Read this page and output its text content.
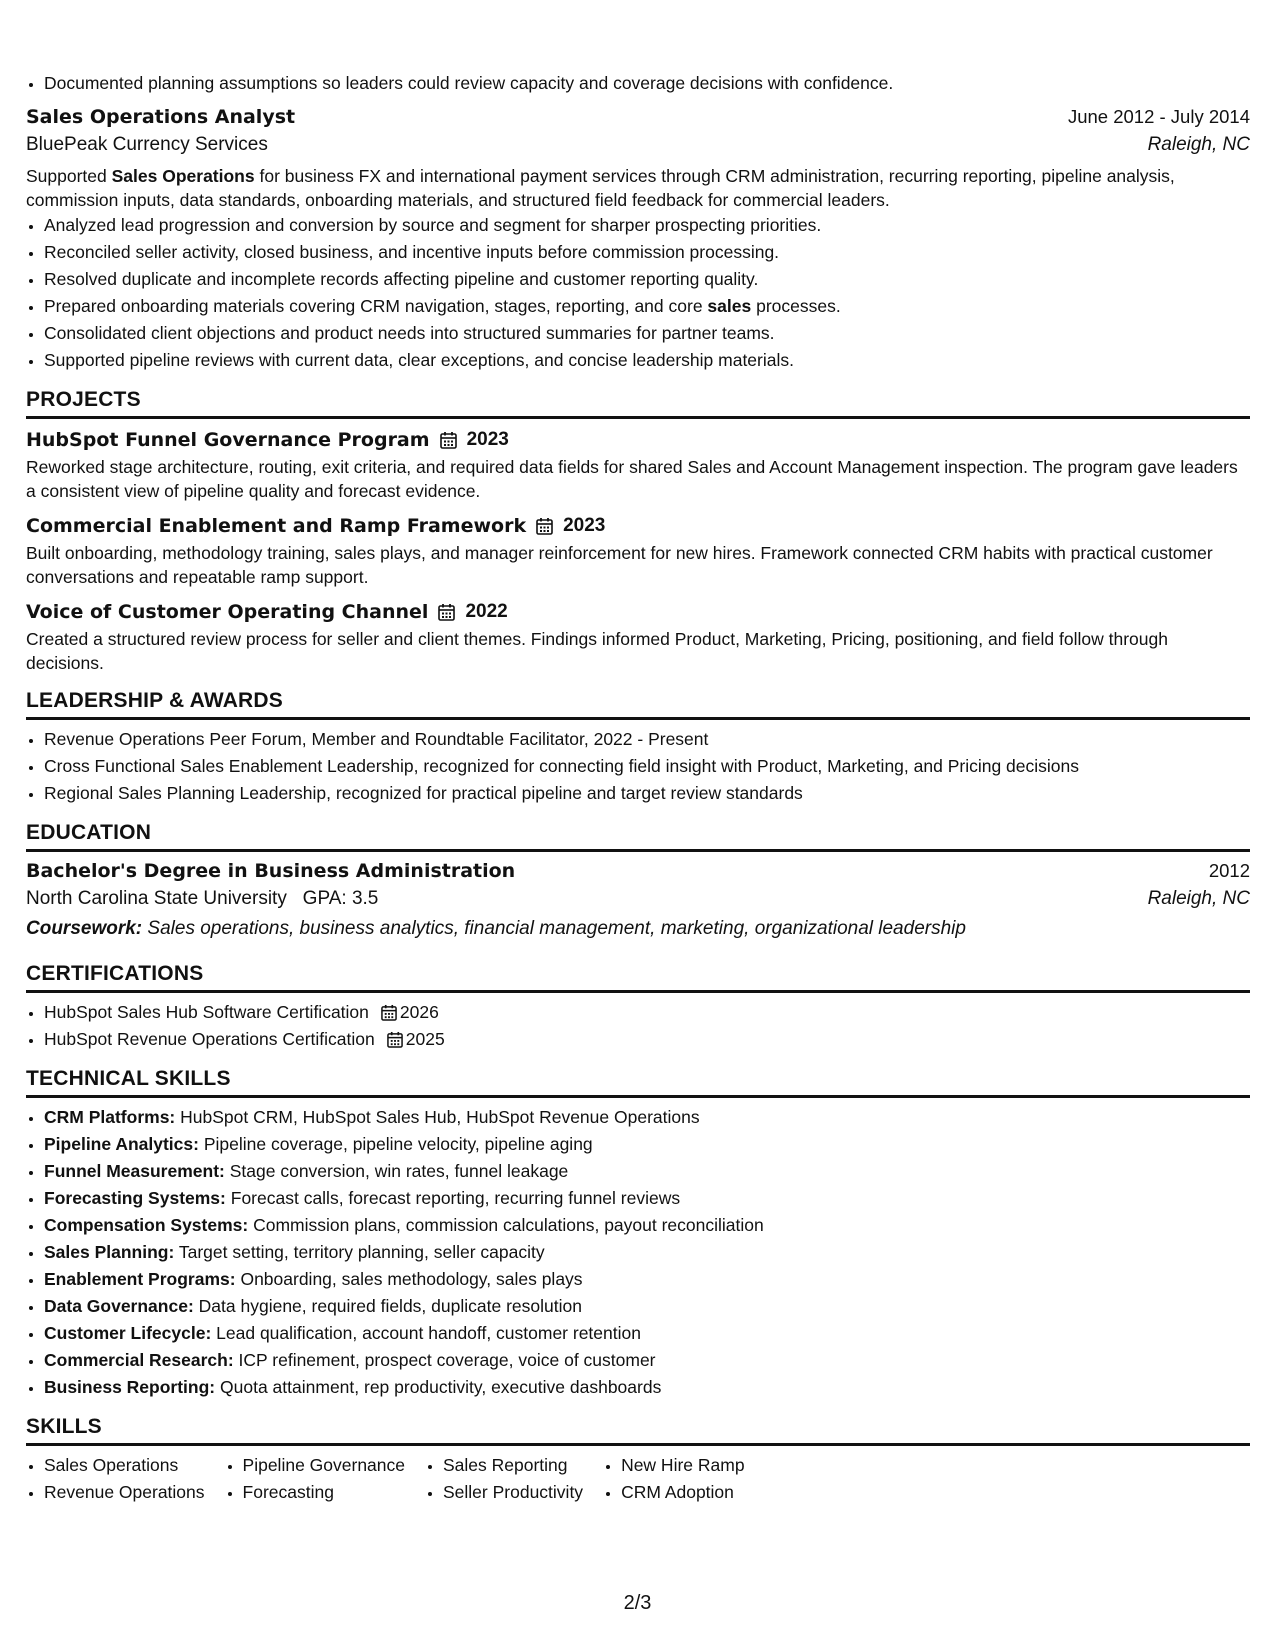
• Documented planning assumptions so leaders could review capacity and coverage decisions with confidence.
Sales Operations Analyst	June 2012 - July 2014
BluePeak Currency Services	Raleigh, NC

Supported Sales Operations for business FX and international payment services through CRM administration, recurring reporting, pipeline analysis, commission inputs, data standards, onboarding materials, and structured field feedback for commercial leaders.

• Analyzed lead progression and conversion by source and segment for sharper prospecting priorities.
• Reconciled seller activity, closed business, and incentive inputs before commission processing.
• Resolved duplicate and incomplete records affecting pipeline and customer reporting quality.
• Prepared onboarding materials covering CRM navigation, stages, reporting, and core sales processes.
• Consolidated client objections and product needs into structured summaries for partner teams.
• Supported pipeline reviews with current data, clear exceptions, and concise leadership materials.
PROJECTS
HubSpot Funnel Governance Program 2023
Reworked stage architecture, routing, exit criteria, and required data fields for shared Sales and Account Management inspection. The program gave leaders a consistent view of pipeline quality and forecast evidence.
Commercial Enablement and Ramp Framework 2023
Built onboarding, methodology training, sales plays, and manager reinforcement for new hires. Framework connected CRM habits with practical customer conversations and repeatable ramp support.
Voice of Customer Operating Channel 2022
Created a structured review process for seller and client themes. Findings informed Product, Marketing, Pricing, positioning, and field follow through decisions.
LEADERSHIP & AWARDS
• Revenue Operations Peer Forum, Member and Roundtable Facilitator, 2022 - Present
• Cross Functional Sales Enablement Leadership, recognized for connecting field insight with Product, Marketing, and Pricing decisions
• Regional Sales Planning Leadership, recognized for practical pipeline and target review standards
EDUCATION
Bachelor's Degree in Business Administration	2012
North Carolina State University GPA: 3.5	Raleigh, NC
Coursework: Sales operations, business analytics, financial management, marketing, organizational leadership
CERTIFICATIONS
• HubSpot Sales Hub Software Certification 2026
• HubSpot Revenue Operations Certification 2025
TECHNICAL SKILLS
• CRM Platforms: HubSpot CRM, HubSpot Sales Hub, HubSpot Revenue Operations
• Pipeline Analytics: Pipeline coverage, pipeline velocity, pipeline aging
• Funnel Measurement: Stage conversion, win rates, funnel leakage
• Forecasting Systems: Forecast calls, forecast reporting, recurring funnel reviews
• Compensation Systems: Commission plans, commission calculations, payout reconciliation
• Sales Planning: Target setting, territory planning, seller capacity
• Enablement Programs: Onboarding, sales methodology, sales plays
• Data Governance: Data hygiene, required fields, duplicate resolution
• Customer Lifecycle: Lead qualification, account handoff, customer retention
• Commercial Research: ICP refinement, prospect coverage, voice of customer
• Business Reporting: Quota attainment, rep productivity, executive dashboards
SKILLS
• Sales Operations
• Revenue Operations
• Pipeline Governance
• Forecasting
• Sales Reporting
• Seller Productivity
• New Hire Ramp
• CRM Adoption
2/3
